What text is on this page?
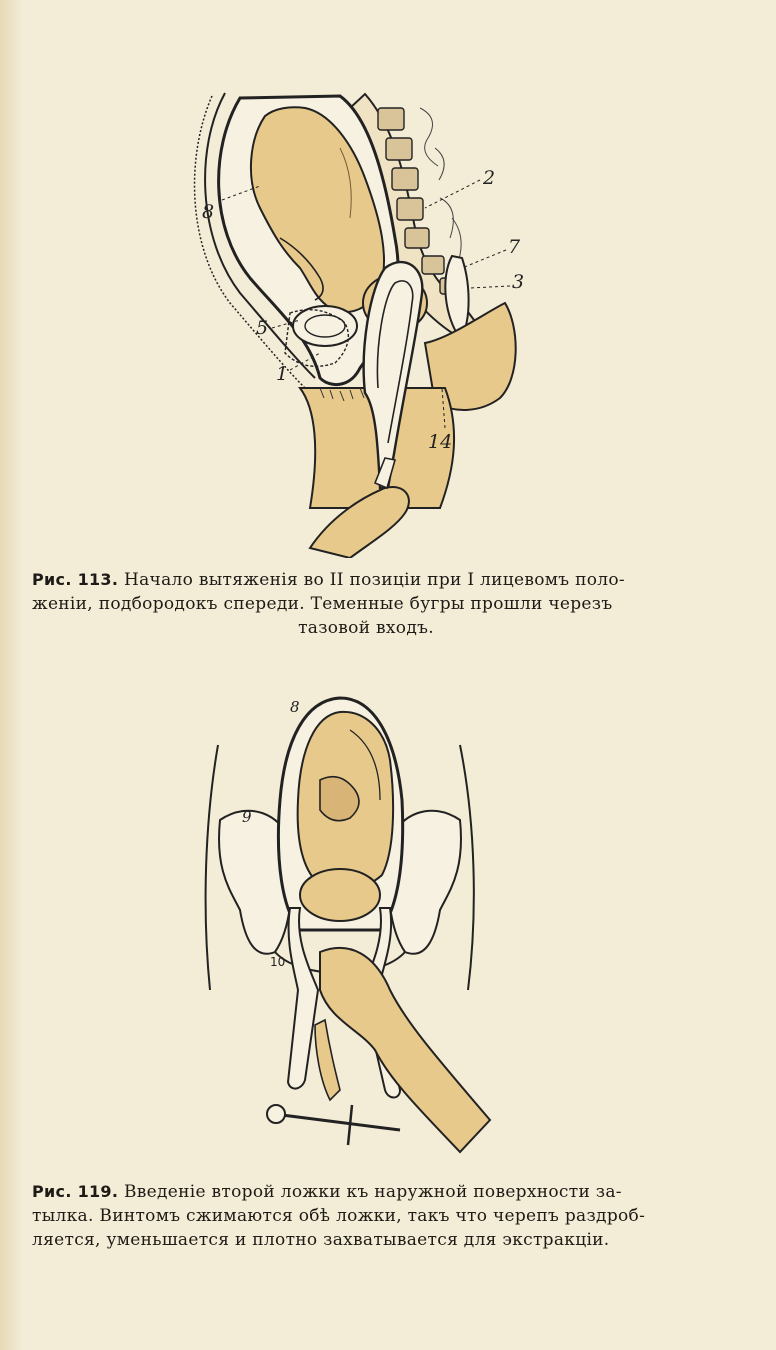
8
2
7
3
5
1
14
Рис. 113. Начало вытяженія во II позиціи при I лицевомъ поло-
женіи, подбородокъ спереди. Теменные бугры прошли черезъ
тазовой входъ.
8
9
10
Рис. 119. Введеніе второй ложки къ наружной поверхности за-
тылка. Винтомъ сжимаются обѣ ложки, такъ что черепъ раздроб-
ляется, уменьшается и плотно захватывается для экстракціи.
